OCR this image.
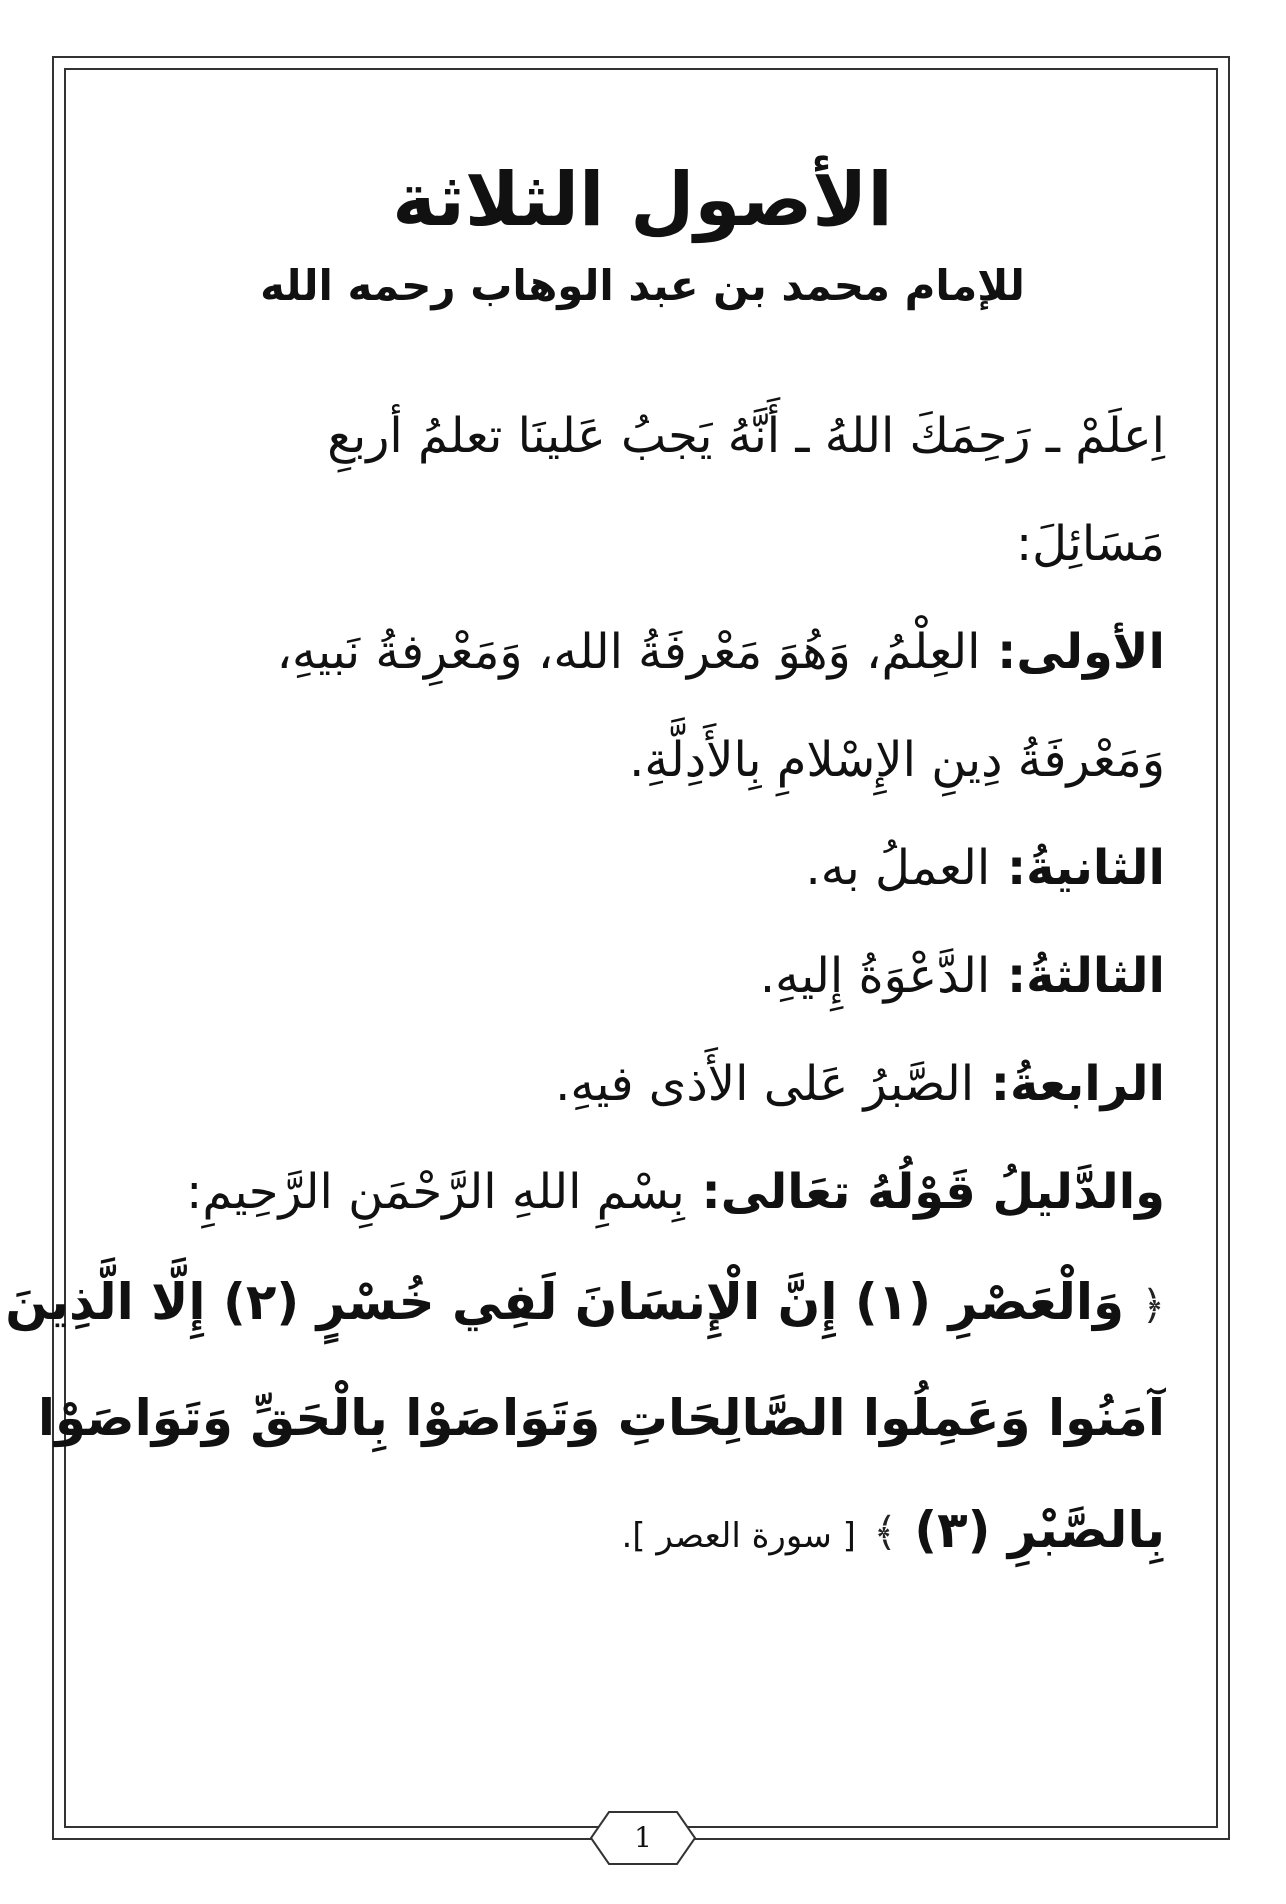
الأصول الثلاثة
للإمام محمد بن عبد الوهاب رحمه الله

اِعلَمْ ـ رَحِمَكَ اللهُ ـ أَنَّهُ يَجبُ عَلينَا تعلمُ أربعِ

مَسَائِلَ:

الأولى: العِلْمُ، وَهُوَ مَعْرفَةُ الله، وَمَعْرِفةُ نَبيهِ،

وَمَعْرفَةُ دِينِ الإِسْلامِ بِالأَدِلَّةِ.

الثانيةُ: العملُ به.

الثالثةُ: الدَّعْوَةُ إِليهِ.

الرابعةُ: الصَّبرُ عَلى الأَذى فيهِ.

والدَّليلُ قَوْلُهُ تعَالى: بِسْمِ اللهِ الرَّحْمَنِ الرَّحِيمِ:

﴿ وَالْعَصْرِ (١) إِنَّ الْإِنسَانَ لَفِي خُسْرٍ (٢) إِلَّا الَّذِينَ

آمَنُوا وَعَمِلُوا الصَّالِحَاتِ وَتَوَاصَوْا بِالْحَقِّ وَتَوَاصَوْا

بِالصَّبْرِ (٣) ﴾ [ سورة العصر ].

1
